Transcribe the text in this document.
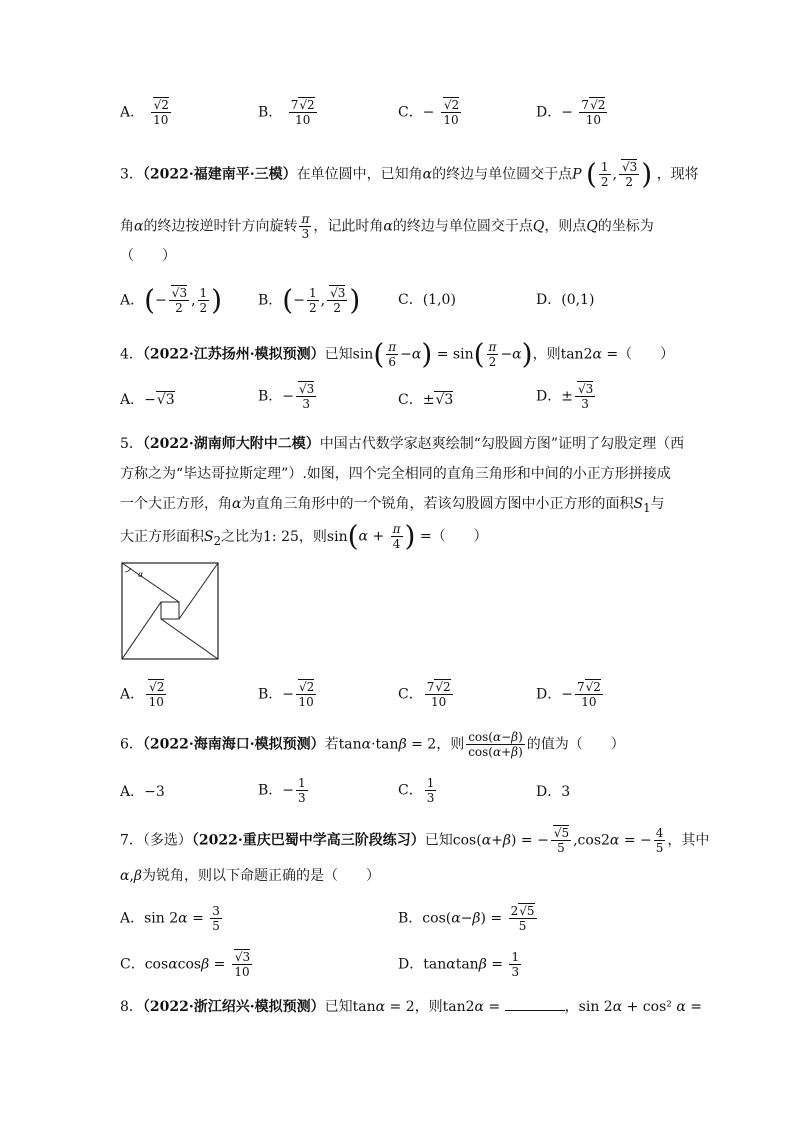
A． $\frac{√2}{10}$	B． $\frac{7√2}{10}$	C．− $\frac{√2}{10}$	D．− $\frac{7√2}{10}$
3．（2022·福建南平·三模）在单位圆中，已知角α的终边与单位圆交于点P ( $\frac{1}{2}$ , $\frac{√3}{2}$ ) ，现将
角α的终边按逆时针方向旋转 $\frac{\pi}{3}$ ，记此时角α的终边与单位圆交于点Q，则点Q的坐标为
（　　）
A．(− $\frac{√3}{2}$ , $\frac{1}{2}$ )	B．(− $\frac{1}{2}$ , $\frac{√3}{2}$ )	C．(1,0)	D．(0,1)
4．（2022·江苏扬州·模拟预测）已知$\sin( \frac{\pi}{6} -\alpha) = \sin( \frac{\pi}{2} -\alpha)$，则tan2α =（　　）
A．−√3	B．− $\frac{√3}{3}$	C．±√3	D．± $\frac{√3}{3}$
5．（2022·湖南师大附中二模）中国古代数学家赵爽绘制“勾股圆方图”证明了勾股定理（西
方称之为“毕达哥拉斯定理”）.如图，四个完全相同的直角三角形和中间的小正方形拼接成
一个大正方形，角α为直角三角形中的一个锐角，若该勾股圆方图中小正方形的面积$S_1$与
大正方形面积$S_2$之比为1: 25，则$\sin(\alpha + \frac{\pi}{4}$ ) =（　　）
α
A． $\frac{√2}{10}$	B．− $\frac{√2}{10}$	C． $\frac{7√2}{10}$	D．− $\frac{7√2}{10}$
6．（2022·海南海口·模拟预测）若tanα·tanβ = 2，则 $\frac{\cos(\alpha-\beta)}{\cos(\alpha+\beta)}$ 的值为（　　）
A．−3	B．− $\frac{1}{3}$	C． $\frac{1}{3}$	D．3
7．（多选）（2022·重庆巴蜀中学高三阶段练习）已知cos(α+β) = − $\frac{√5}{5} ,\cos 2\alpha$ = − $\frac{4}{5}$ ，其中
α,β为锐角，则以下命题正确的是（　　）
A．$\sin 2\alpha = \frac{3}{5}$	B．$\cos(\alpha-\beta) = \frac{2√5}{5}$
C．$\cos\alpha\cos\beta = \frac{√3}{10}$	D．$\tan\alpha\tan\beta = \frac{1}{3}$
8．（2022·浙江绍兴·模拟预测）已知tanα = 2，则tan2α =	，sin 2α + cos² α =
